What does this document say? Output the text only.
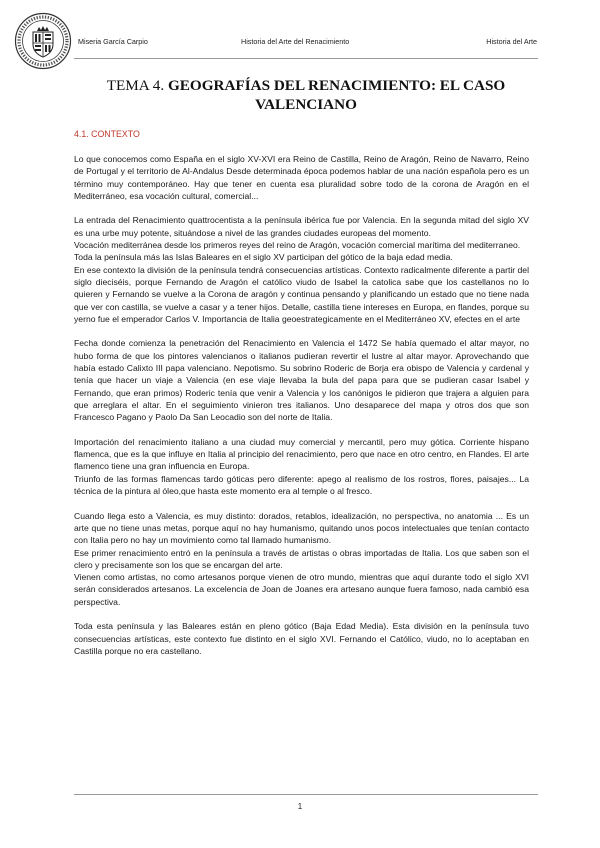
Miseria García Carpio	Historia del Arte del Renacimiento	Historia del Arte
TEMA 4. GEOGRAFÍAS DEL RENACIMIENTO: EL CASO VALENCIANO
4.1. CONTEXTO

Lo que conocemos como España en el siglo XV-XVI era Reino de Castilla, Reino de Aragón, Reino de Navarro, Reino de Portugal y el territorio de Al-Andalus Desde determinada época podemos hablar de una nación española pero es un término muy contemporáneo. Hay que tener en cuenta esa pluralidad sobre todo de la corona de Aragón en el Mediterráneo, esa vocación cultural, comercial...

La entrada del Renacimiento quattrocentista a la península ibérica fue por Valencia. En la segunda mitad del siglo XV es una urbe muy potente, situándose a nivel de las grandes ciudades europeas del momento.

Vocación mediterránea desde los primeros reyes del reino de Aragón, vocación comercial marítima del mediterraneo.

Toda la península más las Islas Baleares en el siglo XV participan del gótico de la baja edad media.

En ese contexto la división de la península tendrá consecuencias artísticas. Contexto radicalmente diferente a partir del siglo dieciséis, porque Fernando de Aragón el católico viudo de Isabel la catolica sabe que los castellanos no lo quieren y Fernando se vuelve a la Corona de aragón y continua pensando y planificando un estado que no tiene nada que ver con castilla, se vuelve a casar y a tener hijos. Detalle, castilla tiene intereses en Europa, en flandes, porque su yerno fue el emperador Carlos V. Importancia de Italia geoestrategicamente en el Mediterráneo XV, efectes en el arte

Fecha donde comienza la penetración del Renacimiento en Valencia el 1472 Se había quemado el altar mayor, no hubo forma de que los pintores valencianos o italianos pudieran revertir el lustre al altar mayor. Aprovechando que había estado Calixto III papa valenciano. Nepotismo. Su sobrino Roderic de Borja era obispo de Valencia y cardenal y tenía que hacer un viaje a Valencia (en ese viaje llevaba la bula del papa para que se pudieran casar Isabel y Fernando, que eran primos) Roderic tenía que venir a Valencia y los canónigos le pidieron que trajera a alguien para que arreglara el altar. En el seguimiento vinieron tres italianos. Uno desaparece del mapa y otros dos que son Francesco Pagano y Paolo Da San Leocadio son del norte de Italia.

Importación del renacimiento italiano a una ciudad muy comercial y mercantil, pero muy gótica. Corriente hispano flamenca, que es la que influye en Italia al principio del renacimiento, pero que nace en otro centro, en Flandes. El arte flamenco tiene una gran influencia en Europa.

Triunfo de las formas flamencas tardo góticas pero diferente: apego al realismo de los rostros, flores, paisajes... La técnica de la pintura al óleo,que hasta este momento era al temple o al fresco.

Cuando llega esto a Valencia, es muy distinto: dorados, retablos, idealización, no perspectiva, no anatomia ... Es un arte que no tiene unas metas, porque aquí no hay humanismo, quitando unos pocos intelectuales que tenían contacto con Italia pero no hay un movimiento como tal llamado humanismo.

Ese primer renacimiento entró en la península a través de artistas o obras importadas de Italia. Los que saben son el clero y precisamente son los que se encargan del arte.

Vienen como artistas, no como artesanos porque vienen de otro mundo, mientras que aquí durante todo el siglo XVI serán considerados artesanos. La excelencia de Joan de Joanes era artesano aunque fuera famoso, nada cambió esa perspectiva.

Toda esta península y las Baleares están en pleno gótico (Baja Edad Media). Esta división en la península tuvo consecuencias artísticas, este contexto fue distinto en el siglo XVI. Fernando el Católico, viudo, no lo aceptaban en Castilla porque no era castellano.

1
